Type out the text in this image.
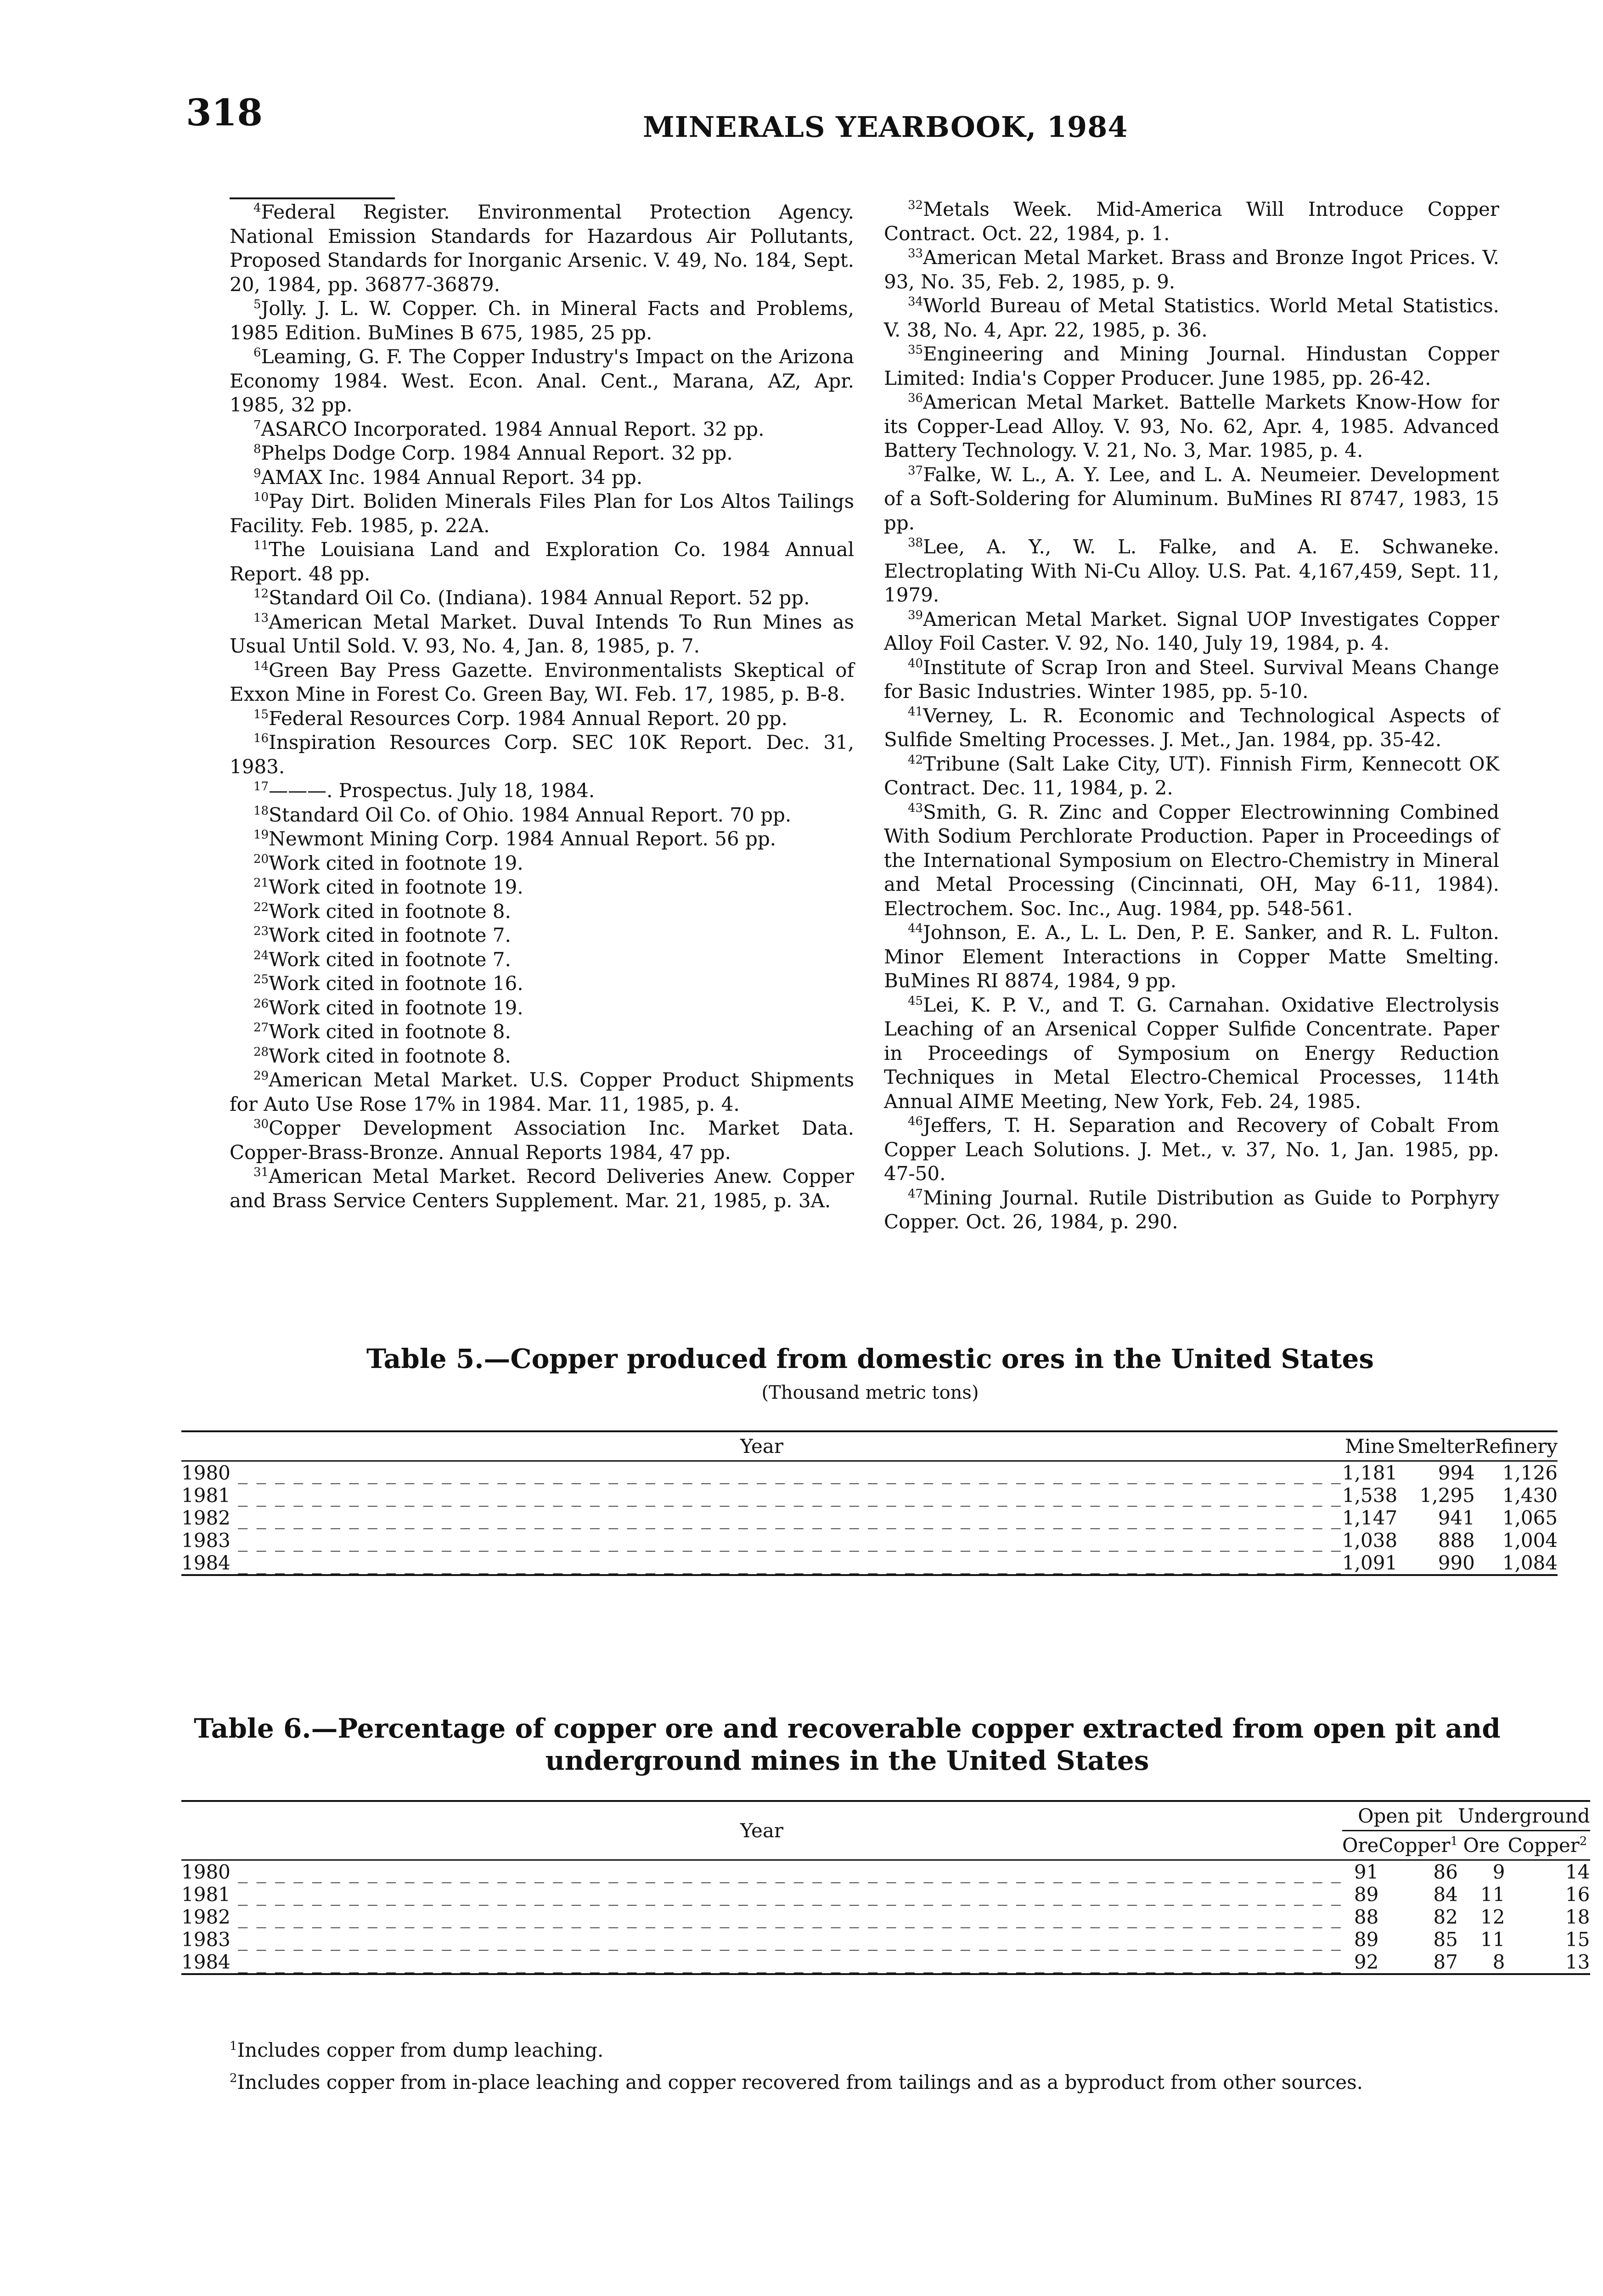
318	MINERALS YEARBOOK, 1984

$^4$Federal Register. Environmental Protection Agency. National Emission Standards for Hazardous Air Pollutants, Proposed Standards for Inorganic Arsenic. V. 49, No. 184, Sept. 20, 1984, pp. 36877-36879.

$^5$Jolly. J. L. W. Copper. Ch. in Mineral Facts and Problems, 1985 Edition. BuMines B 675, 1985, 25 pp.

$^6$Leaming, G. F. The Copper Industry's Impact on the Arizona Economy 1984. West. Econ. Anal. Cent., Marana, AZ, Apr. 1985, 32 pp.

$^7$ASARCO Incorporated. 1984 Annual Report. 32 pp.

$^8$Phelps Dodge Corp. 1984 Annual Report. 32 pp.

$^9$AMAX Inc. 1984 Annual Report. 34 pp.

$^{10}$Pay Dirt. Boliden Minerals Files Plan for Los Altos Tailings Facility. Feb. 1985, p. 22A.

$^{11}$The Louisiana Land and Exploration Co. 1984 Annual Report. 48 pp.

$^{12}$Standard Oil Co. (Indiana). 1984 Annual Report. 52 pp.

$^{13}$American Metal Market. Duval Intends To Run Mines as Usual Until Sold. V. 93, No. 4, Jan. 8, 1985, p. 7.

$^{14}$Green Bay Press Gazette. Environmentalists Skeptical of Exxon Mine in Forest Co. Green Bay, WI. Feb. 17, 1985, p. B-8.

$^{15}$Federal Resources Corp. 1984 Annual Report. 20 pp.

$^{16}$Inspiration Resources Corp. SEC 10K Report. Dec. 31, 1983.

$^{17}$———. Prospectus. July 18, 1984.

$^{18}$Standard Oil Co. of Ohio. 1984 Annual Report. 70 pp.

$^{19}$Newmont Mining Corp. 1984 Annual Report. 56 pp.

$^{20}$Work cited in footnote 19.

$^{21}$Work cited in footnote 19.

$^{22}$Work cited in footnote 8.

$^{23}$Work cited in footnote 7.

$^{24}$Work cited in footnote 7.

$^{25}$Work cited in footnote 16.

$^{26}$Work cited in footnote 19.

$^{27}$Work cited in footnote 8.

$^{28}$Work cited in footnote 8.

$^{29}$American Metal Market. U.S. Copper Product Shipments for Auto Use Rose 17% in 1984. Mar. 11, 1985, p. 4.

$^{30}$Copper Development Association Inc. Market Data. Copper-Brass-Bronze. Annual Reports 1984, 47 pp.

$^{31}$American Metal Market. Record Deliveries Anew. Copper and Brass Service Centers Supplement. Mar. 21, 1985, p. 3A.

$^{32}$Metals Week. Mid-America Will Introduce Copper Contract. Oct. 22, 1984, p. 1.

$^{33}$American Metal Market. Brass and Bronze Ingot Prices. V. 93, No. 35, Feb. 2, 1985, p. 9.

$^{34}$World Bureau of Metal Statistics. World Metal Statistics. V. 38, No. 4, Apr. 22, 1985, p. 36.

$^{35}$Engineering and Mining Journal. Hindustan Copper Limited: India's Copper Producer. June 1985, pp. 26-42.

$^{36}$American Metal Market. Battelle Markets Know-How for its Copper-Lead Alloy. V. 93, No. 62, Apr. 4, 1985. Advanced Battery Technology. V. 21, No. 3, Mar. 1985, p. 4.

$^{37}$Falke, W. L., A. Y. Lee, and L. A. Neumeier. Development of a Soft-Soldering for Aluminum. BuMines RI 8747, 1983, 15 pp.

$^{38}$Lee, A. Y., W. L. Falke, and A. E. Schwaneke. Electroplating With Ni-Cu Alloy. U.S. Pat. 4,167,459, Sept. 11, 1979.

$^{39}$American Metal Market. Signal UOP Investigates Copper Alloy Foil Caster. V. 92, No. 140, July 19, 1984, p. 4.

$^{40}$Institute of Scrap Iron and Steel. Survival Means Change for Basic Industries. Winter 1985, pp. 5-10.

$^{41}$Verney, L. R. Economic and Technological Aspects of Sulfide Smelting Processes. J. Met., Jan. 1984, pp. 35-42.

$^{42}$Tribune (Salt Lake City, UT). Finnish Firm, Kennecott OK Contract. Dec. 11, 1984, p. 2.

$^{43}$Smith, G. R. Zinc and Copper Electrowinning Combined With Sodium Perchlorate Production. Paper in Proceedings of the International Symposium on Electro-Chemistry in Mineral and Metal Processing (Cincinnati, OH, May 6-11, 1984). Electrochem. Soc. Inc., Aug. 1984, pp. 548-561.

$^{44}$Johnson, E. A., L. L. Den, P. E. Sanker, and R. L. Fulton. Minor Element Interactions in Copper Matte Smelting. BuMines RI 8874, 1984, 9 pp.

$^{45}$Lei, K. P. V., and T. G. Carnahan. Oxidative Electrolysis Leaching of an Arsenical Copper Sulfide Concentrate. Paper in Proceedings of Symposium on Energy Reduction Techniques in Metal Electro-Chemical Processes, 114th Annual AIME Meeting, New York, Feb. 24, 1985.

$^{46}$Jeffers, T. H. Separation and Recovery of Cobalt From Copper Leach Solutions. J. Met., v. 37, No. 1, Jan. 1985, pp. 47-50.

$^{47}$Mining Journal. Rutile Distribution as Guide to Porphyry Copper. Oct. 26, 1984, p. 290.

Table 5.—Copper produced from domestic ores in the United States
(Thousand metric tons)
Year	Mine	Smelter	Refinery
1980 _ _ _ _ _ _ _ _ _ _ _ _ _ _ _ _ _ _ _ _ _ _ _ _ _ _ _ _ _ _ _ _ _ _ _ _ _ _ _ _ _ _ _ _ _ _ _ _ _ _ _ _ _ _ _ _ _ _ _ _	1,181	994	1,126
1981 _ _ _ _ _ _ _ _ _ _ _ _ _ _ _ _ _ _ _ _ _ _ _ _ _ _ _ _ _ _ _ _ _ _ _ _ _ _ _ _ _ _ _ _ _ _ _ _ _ _ _ _ _ _ _ _ _ _ _ _	1,538	1,295	1,430
1982 _ _ _ _ _ _ _ _ _ _ _ _ _ _ _ _ _ _ _ _ _ _ _ _ _ _ _ _ _ _ _ _ _ _ _ _ _ _ _ _ _ _ _ _ _ _ _ _ _ _ _ _ _ _ _ _ _ _ _ _	1,147	941	1,065
1983 _ _ _ _ _ _ _ _ _ _ _ _ _ _ _ _ _ _ _ _ _ _ _ _ _ _ _ _ _ _ _ _ _ _ _ _ _ _ _ _ _ _ _ _ _ _ _ _ _ _ _ _ _ _ _ _ _ _ _ _	1,038	888	1,004
1984 _ _ _ _ _ _ _ _ _ _ _ _ _ _ _ _ _ _ _ _ _ _ _ _ _ _ _ _ _ _ _ _ _ _ _ _ _ _ _ _ _ _ _ _ _ _ _ _ _ _ _ _ _ _ _ _ _ _ _ _	1,091	990	1,084
Table 6.—Percentage of copper ore and recoverable copper extracted from open pit and
underground mines in the United States
Year	Open pit		Underground	
	Ore	Copper$^1$	Ore	Copper$^2$
1980 _ _ _ _ _ _ _ _ _ _ _ _ _ _ _ _ _ _ _ _ _ _ _ _ _ _ _ _ _ _ _ _ _ _ _ _ _ _ _ _ _ _ _ _ _ _ _ _ _ _ _ _ _ _ _ _ _ _ _ _	91	86	9	14
1981 _ _ _ _ _ _ _ _ _ _ _ _ _ _ _ _ _ _ _ _ _ _ _ _ _ _ _ _ _ _ _ _ _ _ _ _ _ _ _ _ _ _ _ _ _ _ _ _ _ _ _ _ _ _ _ _ _ _ _ _	89	84	11	16
1982 _ _ _ _ _ _ _ _ _ _ _ _ _ _ _ _ _ _ _ _ _ _ _ _ _ _ _ _ _ _ _ _ _ _ _ _ _ _ _ _ _ _ _ _ _ _ _ _ _ _ _ _ _ _ _ _ _ _ _ _	88	82	12	18
1983 _ _ _ _ _ _ _ _ _ _ _ _ _ _ _ _ _ _ _ _ _ _ _ _ _ _ _ _ _ _ _ _ _ _ _ _ _ _ _ _ _ _ _ _ _ _ _ _ _ _ _ _ _ _ _ _ _ _ _ _	89	85	11	15
1984 _ _ _ _ _ _ _ _ _ _ _ _ _ _ _ _ _ _ _ _ _ _ _ _ _ _ _ _ _ _ _ _ _ _ _ _ _ _ _ _ _ _ _ _ _ _ _ _ _ _ _ _ _ _ _ _ _ _ _ _	92	87	8	13
$^1$Includes copper from dump leaching.
$^2$Includes copper from in-place leaching and copper recovered from tailings and as a byproduct from other sources.
